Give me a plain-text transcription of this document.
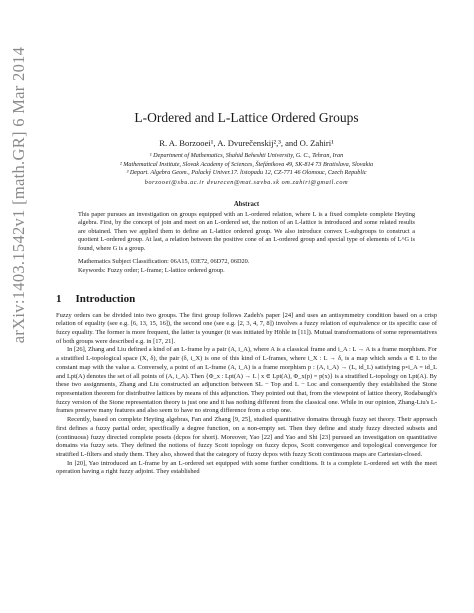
arXiv:1403.1542v1 [math.GR] 6 Mar 2014	L-Ordered and L-Lattice Ordered Groups
R. A. Borzooei¹, A. Dvurečenskij²,³, and O. Zahiri¹
¹ Department of Mathematics, Shahid Beheshti University, G. C., Tehran, Iran
² Mathematical Institute, Slovak Academy of Sciences, Štefánikova 49, SK-814 73 Bratislava, Slovakia
³ Depart. Algebra Geom., Palacký Univer.17. listopadu 12, CZ-771 46 Olomouc, Czech Republic
borzooei@sbu.ac.ir dvurecen@mat.savba.sk om.zahiri@gmail.com
Abstract
This paper pursues an investigation on groups equipped with an L-ordered relation, where L is a fixed complete complete Heyting algebra. First, by the concept of join and meet on an L-ordered set, the notion of an L-lattice is introduced and some related results are obtained. Then we applied them to define an L-lattice ordered group. We also introduce convex L-subgroups to construct a quotient L-ordered group. At last, a relation between the positive cone of an L-ordered group and special type of elements of L^G is found, where G is a group.
Mathematics Subject Classification: 06A15, 03E72, 06D72, 06D20.
Keywords: Fuzzy order; L-frame; L-lattice ordered group.
1 Introduction

Fuzzy orders can be divided into two groups. The first group follows Zadeh's paper [24] and uses an antisymmetry condition based on a crisp relation of equality (see e.g. [6, 13, 15, 16]), the second one (see e.g. [2, 3, 4, 7, 8]) involves a fuzzy relation of equivalence or its specific case of fuzzy equality. The former is more frequent, the latter is younger (it was initiated by Höhle in [11]). Mutual transformations of some representatives of both groups were described e.g. in [17, 21].

In [26], Zhang and Liu defined a kind of an L-frame by a pair (A, i_A), where A is a classical frame and i_A : L → A is a frame morphism. For a stratified L-topological space (X, δ), the pair (δ, i_X) is one of this kind of L-frames, where i_X : L → δ, is a map which sends a ∈ L to the constant map with the value a. Conversely, a point of an L-frame (A, i_A) is a frame morphism p : (A, i_A) → (L, id_L) satisfying p∘i_A = id_L and Lpt(A) denotes the set of all points of (A, i_A). Then {Φ_x : Lpt(A) → L | x ∈ Lpt(A), Φ_x(p) = p(x)} is a stratified L-topology on Lpt(A). By these two assignments, Zhang and Liu constructed an adjunction between SL − Top and L − Loc and consequently they established the Stone representation theorem for distributive lattices by means of this adjunction. They pointed out that, from the viewpoint of lattice theory, Rodabaugh's fuzzy version of the Stone representation theory is just one and it has nothing different from the classical one. While in our opinion, Zhang-Liu's L-frames preserve many features and also seem to have no strong difference from a crisp one.

Recently, based on complete Heyting algebras, Fan and Zhang [9, 25], studied quantitative domains through fuzzy set theory. Their approach first defines a fuzzy partial order, specifically a degree function, on a non-empty set. Then they define and study fuzzy directed subsets and (continuous) fuzzy directed complete posets (dcpos for short). Moreover, Yao [22] and Yao and Shi [23] pursued an investigation on quantitative domains via fuzzy sets. They defined the notions of fuzzy Scott topology on fuzzy dcpos, Scott convergence and topological convergence for stratified L-filters and study them. They also, showed that the category of fuzzy dcpos with fuzzy Scott continuous maps are Cartesian-closed.

In [20], Yao introduced an L-frame by an L-ordered set equipped with some further conditions. It is a complete L-ordered set with the meet operation having a right fuzzy adjoint. They established
